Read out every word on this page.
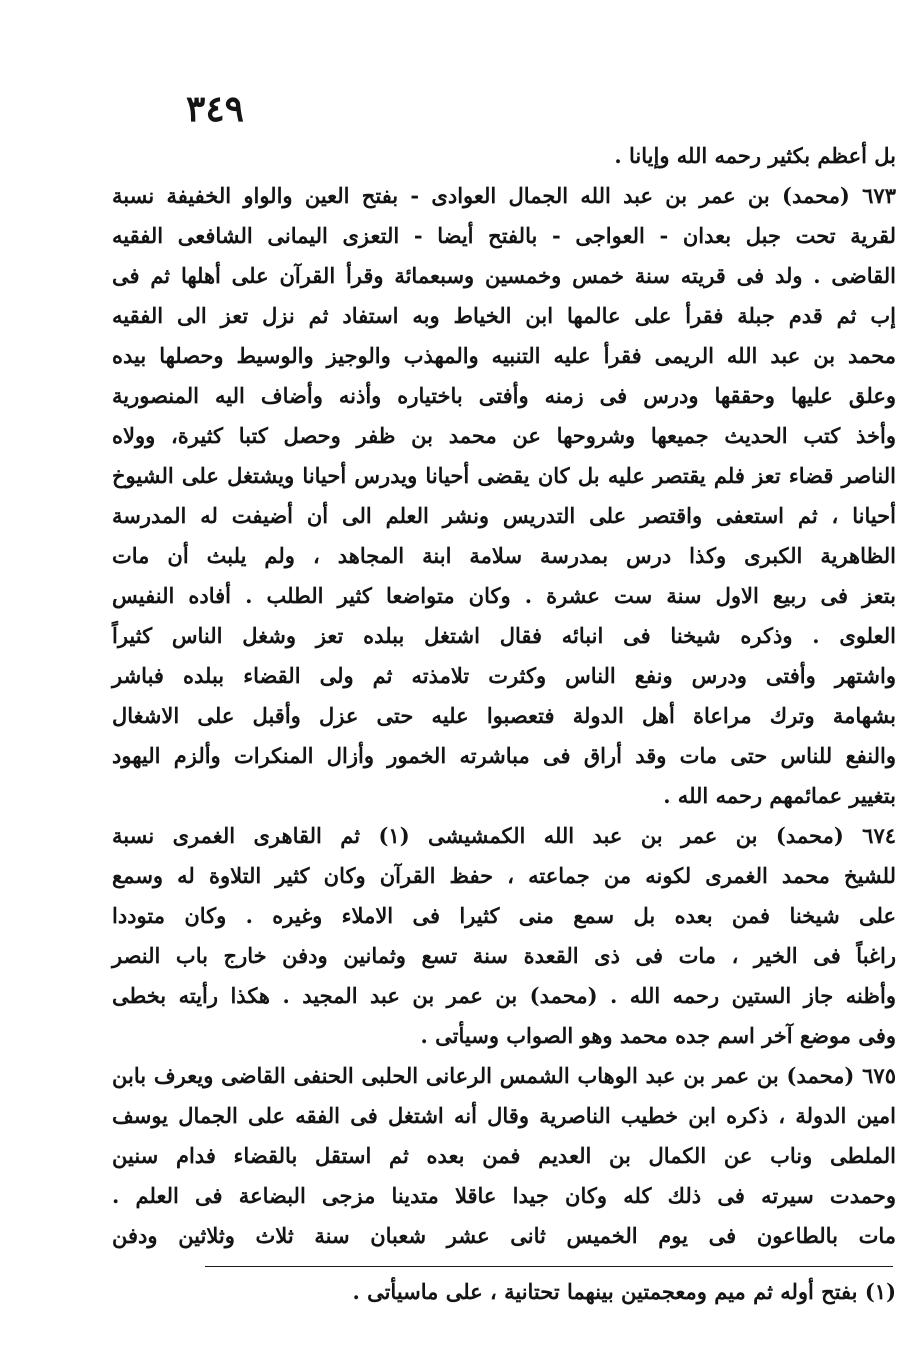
٣٤٩
بل أعظم بكثير رحمه الله وإيانا .
٦٧٣ (محمد) بن عمر بن عبد الله الجمال العوادى - بفتح العين والواو الخفيفة نسبة
لقرية تحت جبل بعدان - العواجى - بالفتح أيضا - التعزى اليمانى الشافعى الفقيه
القاضى . ولد فى قريته سنة خمس وخمسين وسبعمائة وقرأ القرآن على أهلها ثم فى
إب ثم قدم جبلة فقرأ على عالمها ابن الخياط وبه استفاد ثم نزل تعز الى الفقيه
محمد بن عبد الله الريمى فقرأ عليه التنبيه والمهذب والوجيز والوسيط وحصلها بيده
وعلق عليها وحققها ودرس فى زمنه وأفتى باختياره وأذنه وأضاف اليه المنصورية
وأخذ كتب الحديث جميعها وشروحها عن محمد بن ظفر وحصل كتبا كثيرة، وولاه
الناصر قضاء تعز فلم يقتصر عليه بل كان يقضى أحيانا ويدرس أحيانا ويشتغل على الشيوخ
أحيانا ، ثم استعفى واقتصر على التدريس ونشر العلم الى أن أضيفت له المدرسة
الظاهرية الكبرى وكذا درس بمدرسة سلامة ابنة المجاهد ، ولم يلبث أن مات
بتعز فى ربيع الاول سنة ست عشرة . وكان متواضعا كثير الطلب . أفاده النفيس
العلوى . وذكره شيخنا فى انبائه فقال اشتغل ببلده تعز وشغل الناس كثيراً
واشتهر وأفتى ودرس ونفع الناس وكثرت تلامذته ثم ولى القضاء ببلده فباشر
بشهامة وترك مراعاة أهل الدولة فتعصبوا عليه حتى عزل وأقبل على الاشغال
والنفع للناس حتى مات وقد أراق فى مباشرته الخمور وأزال المنكرات وألزم اليهود
بتغيير عمائمهم رحمه الله .
٦٧٤ (محمد) بن عمر بن عبد الله الكمشيشى (١) ثم القاهرى الغمرى نسبة
للشيخ محمد الغمرى لكونه من جماعته ، حفظ القرآن وكان كثير التلاوة له وسمع
على شيخنا فمن بعده بل سمع منى كثيرا فى الاملاء وغيره . وكان متوددا
راغباً فى الخير ، مات فى ذى القعدة سنة تسع وثمانين ودفن خارج باب النصر
وأظنه جاز الستين رحمه الله . (محمد) بن عمر بن عبد المجيد . هكذا رأيته بخطى
وفى موضع آخر اسم جده محمد وهو الصواب وسيأتى .
٦٧٥ (محمد) بن عمر بن عبد الوهاب الشمس الرعانى الحلبى الحنفى القاضى ويعرف بابن
امين الدولة ، ذكره ابن خطيب الناصرية وقال أنه اشتغل فى الفقه على الجمال يوسف
الملطى وناب عن الكمال بن العديم فمن بعده ثم استقل بالقضاء فدام سنين
وحمدت سيرته فى ذلك كله وكان جيدا عاقلا متدينا مزجى البضاعة فى العلم .
مات بالطاعون فى يوم الخميس ثانى عشر شعبان سنة ثلاث وثلاثين ودفن
(١) بفتح أوله ثم ميم ومعجمتين بينهما تحتانية ، على ماسيأتى .
